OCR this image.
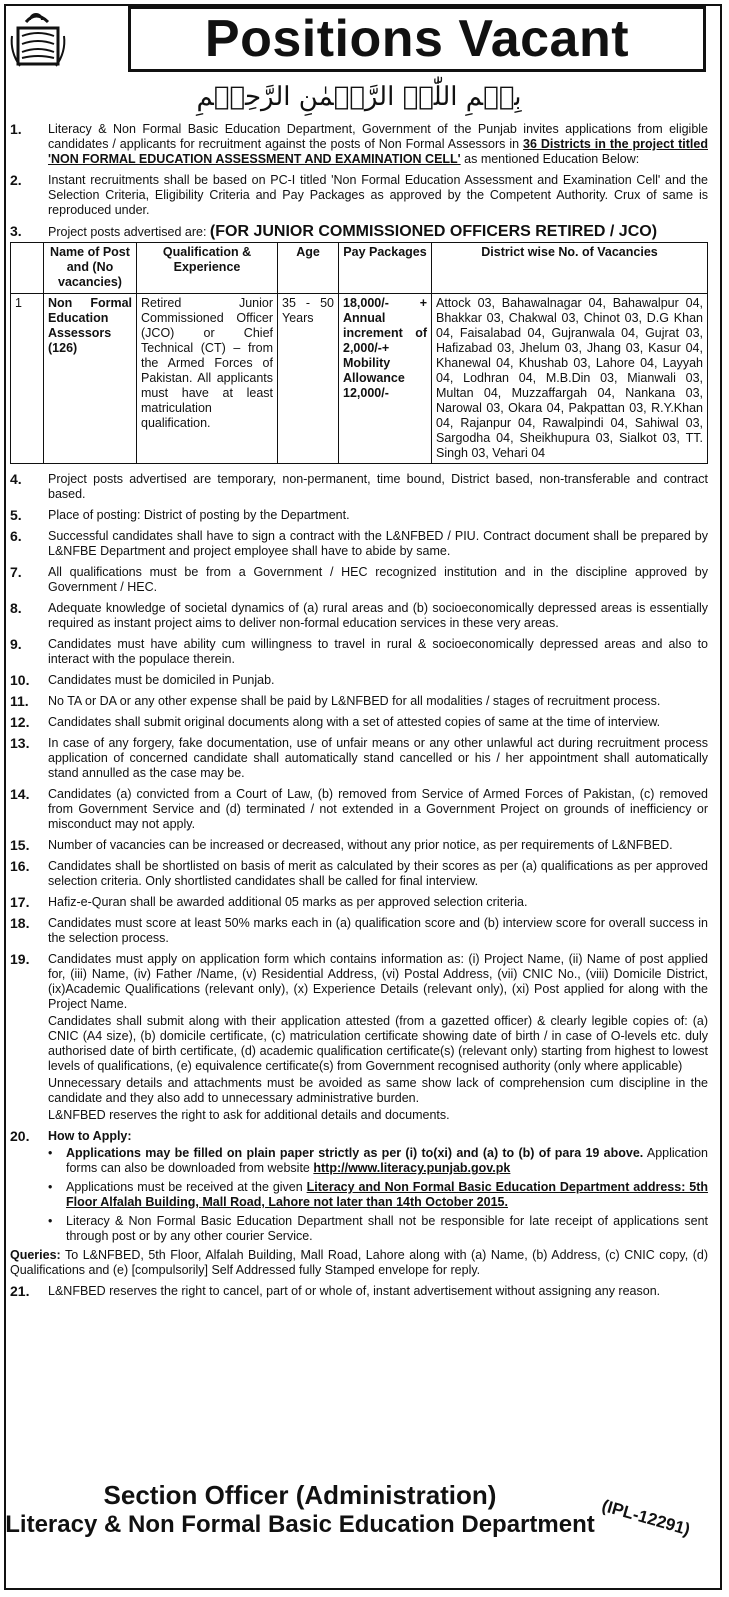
Positions Vacant
بِسۡمِ اللّٰہِ الرَّحۡمٰنِ الرَّحِیۡمِ

1. Literacy & Non Formal Basic Education Department, Government of the Punjab invites applications from eligible candidates / applicants for recruitment against the posts of Non Formal Assessors in 36 Districts in the project titled 'NON FORMAL EDUCATION ASSESSMENT AND EXAMINATION CELL' as mentioned Education Below:

2. Instant recruitments shall be based on PC-I titled 'Non Formal Education Assessment and Examination Cell' and the Selection Criteria, Eligibility Criteria and Pay Packages as approved by the Competent Authority. Crux of same is reproduced under.

3. Project posts advertised are: (FOR JUNIOR COMMISSIONED OFFICERS RETIRED / JCO)

	Name of Post and (No vacancies)	Qualification & Experience	Age	Pay Packages	District wise No. of Vacancies
1	Non Formal Education Assessors (126)	Retired Junior Commissioned Officer (JCO) or Chief Technical (CT) – from the Armed Forces of Pakistan. All applicants must have at least matriculation qualification.	35 - 50 Years	18,000/- + Annual increment of 2,000/-+ Mobility Allowance 12,000/-	Attock 03, Bahawalnagar 04, Bahawalpur 04, Bhakkar 03, Chakwal 03, Chinot 03, D.G Khan 04, Faisalabad 04, Gujranwala 04, Gujrat 03, Hafizabad 03, Jhelum 03, Jhang 03, Kasur 04, Khanewal 04, Khushab 03, Lahore 04, Layyah 04, Lodhran 04, M.B.Din 03, Mianwali 03, Multan 04, Muzzaffargah 04, Nankana 03, Narowal 03, Okara 04, Pakpattan 03, R.Y.Khan 04, Rajanpur 04, Rawalpindi 04, Sahiwal 03, Sargodha 04, Sheikhupura 03, Sialkot 03, TT. Singh 03, Vehari 04

4. Project posts advertised are temporary, non-permanent, time bound, District based, non-transferable and contract based.

5. Place of posting: District of posting by the Department.

6. Successful candidates shall have to sign a contract with the L&NFBED / PIU. Contract document shall be prepared by L&NFBE Department and project employee shall have to abide by same.

7. All qualifications must be from a Government / HEC recognized institution and in the discipline approved by Government / HEC.

8. Adequate knowledge of societal dynamics of (a) rural areas and (b) socioeconomically depressed areas is essentially required as instant project aims to deliver non-formal education services in these very areas.

9. Candidates must have ability cum willingness to travel in rural & socioeconomically depressed areas and also to interact with the populace therein.

10. Candidates must be domiciled in Punjab.

11. No TA or DA or any other expense shall be paid by L&NFBED for all modalities / stages of recruitment process.

12. Candidates shall submit original documents along with a set of attested copies of same at the time of interview.

13. In case of any forgery, fake documentation, use of unfair means or any other unlawful act during recruitment process application of concerned candidate shall automatically stand cancelled or his / her appointment shall automatically stand annulled as the case may be.

14. Candidates (a) convicted from a Court of Law, (b) removed from Service of Armed Forces of Pakistan, (c) removed from Government Service and (d) terminated / not extended in a Government Project on grounds of inefficiency or misconduct may not apply.

15. Number of vacancies can be increased or decreased, without any prior notice, as per requirements of L&NFBED.

16. Candidates shall be shortlisted on basis of merit as calculated by their scores as per (a) qualifications as per approved selection criteria. Only shortlisted candidates shall be called for final interview.

17. Hafiz-e-Quran shall be awarded additional 05 marks as per approved selection criteria.

18. Candidates must score at least 50% marks each in (a) qualification score and (b) interview score for overall success in the selection process.

19. Candidates must apply on application form which contains information as: (i) Project Name, (ii) Name of post applied for, (iii) Name, (iv) Father /Name, (v) Residential Address, (vi) Postal Address, (vii) CNIC No., (viii) Domicile District, (ix)Academic Qualifications (relevant only), (x) Experience Details (relevant only), (xi) Post applied for along with the Project Name.

Candidates shall submit along with their application attested (from a gazetted officer) & clearly legible copies of: (a) CNIC (A4 size), (b) domicile certificate, (c) matriculation certificate showing date of birth / in case of O-levels etc. duly authorised date of birth certificate, (d) academic qualification certificate(s) (relevant only) starting from highest to lowest levels of qualifications, (e) equivalence certificate(s) from Government recognised authority (only where applicable)

Unnecessary details and attachments must be avoided as same show lack of comprehension cum discipline in the candidate and they also add to unnecessary administrative burden.

L&NFBED reserves the right to ask for additional details and documents.

20. How to Apply:

• Applications may be filled on plain paper strictly as per (i) to(xi) and (a) to (b) of para 19 above. Application forms can also be downloaded from website http://www.literacy.punjab.gov.pk

• Applications must be received at the given Literacy and Non Formal Basic Education Department address: 5th Floor Alfalah Building, Mall Road, Lahore not later than 14th October 2015.

• Literacy & Non Formal Basic Education Department shall not be responsible for late receipt of applications sent through post or by any other courier Service.

Queries: To L&NFBED, 5th Floor, Alfalah Building, Mall Road, Lahore along with (a) Name, (b) Address, (c) CNIC copy, (d) Qualifications and (e) [compulsorily] Self Addressed fully Stamped envelope for reply.

21. L&NFBED reserves the right to cancel, part of or whole of, instant advertisement without assigning any reason.

Section Officer (Administration)
Literacy & Non Formal Basic Education Department (IPL-12291)
